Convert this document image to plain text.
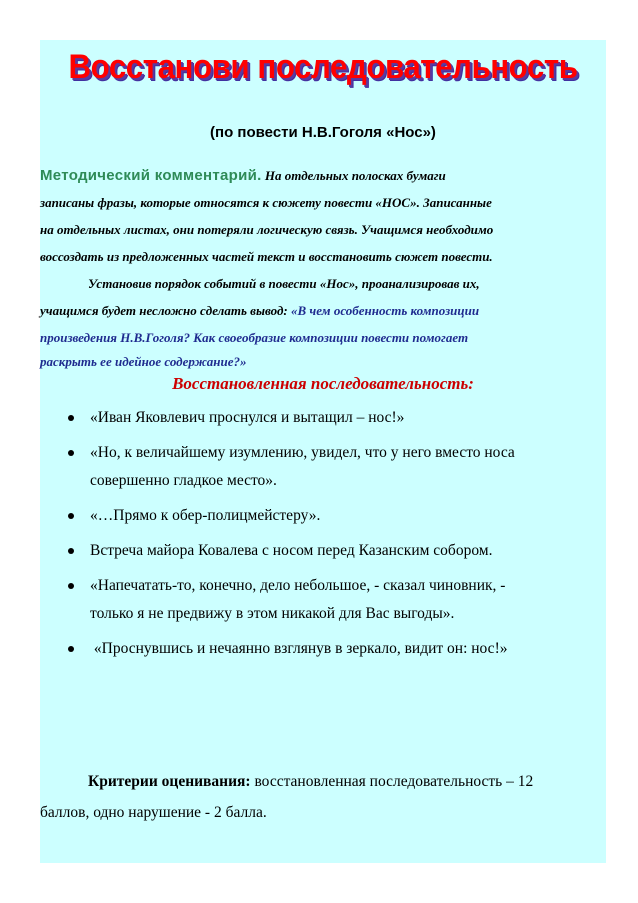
Восстанови последовательность
(по повести Н.В.Гоголя «Нос»)
Методический комментарий. На отдельных полосках бумаги
записаны фразы, которые относятся к сюжету повести «НОС». Записанные
на отдельных листах, они потеряли логическую связь. Учащимся необходимо
воссоздать из предложенных частей текст и восстановить сюжет повести.
Установив порядок событий в повести «Нос», проанализировав их,
учащимся будет несложно сделать вывод: «В чем особенность композиции
произведения Н.В.Гоголя? Как своеобразие композиции повести помогает
раскрыть ее идейное содержание?»
Восстановленная последовательность:
«Иван Яковлевич проснулся и вытащил – нос!»
«Но, к величайшему изумлению, увидел, что у него вместо носа
совершенно гладкое место».
«…Прямо к обер-полицмейстеру».
Встреча майора Ковалева с носом перед Казанским собором.
«Напечатать-то, конечно, дело небольшое, - сказал чиновник, -
только я не предвижу в этом никакой для Вас выгоды».
«Проснувшись и нечаянно взглянув в зеркало, видит он: нос!»
Критерии оценивания: восстановленная последовательность – 12
баллов, одно нарушение - 2 балла.
